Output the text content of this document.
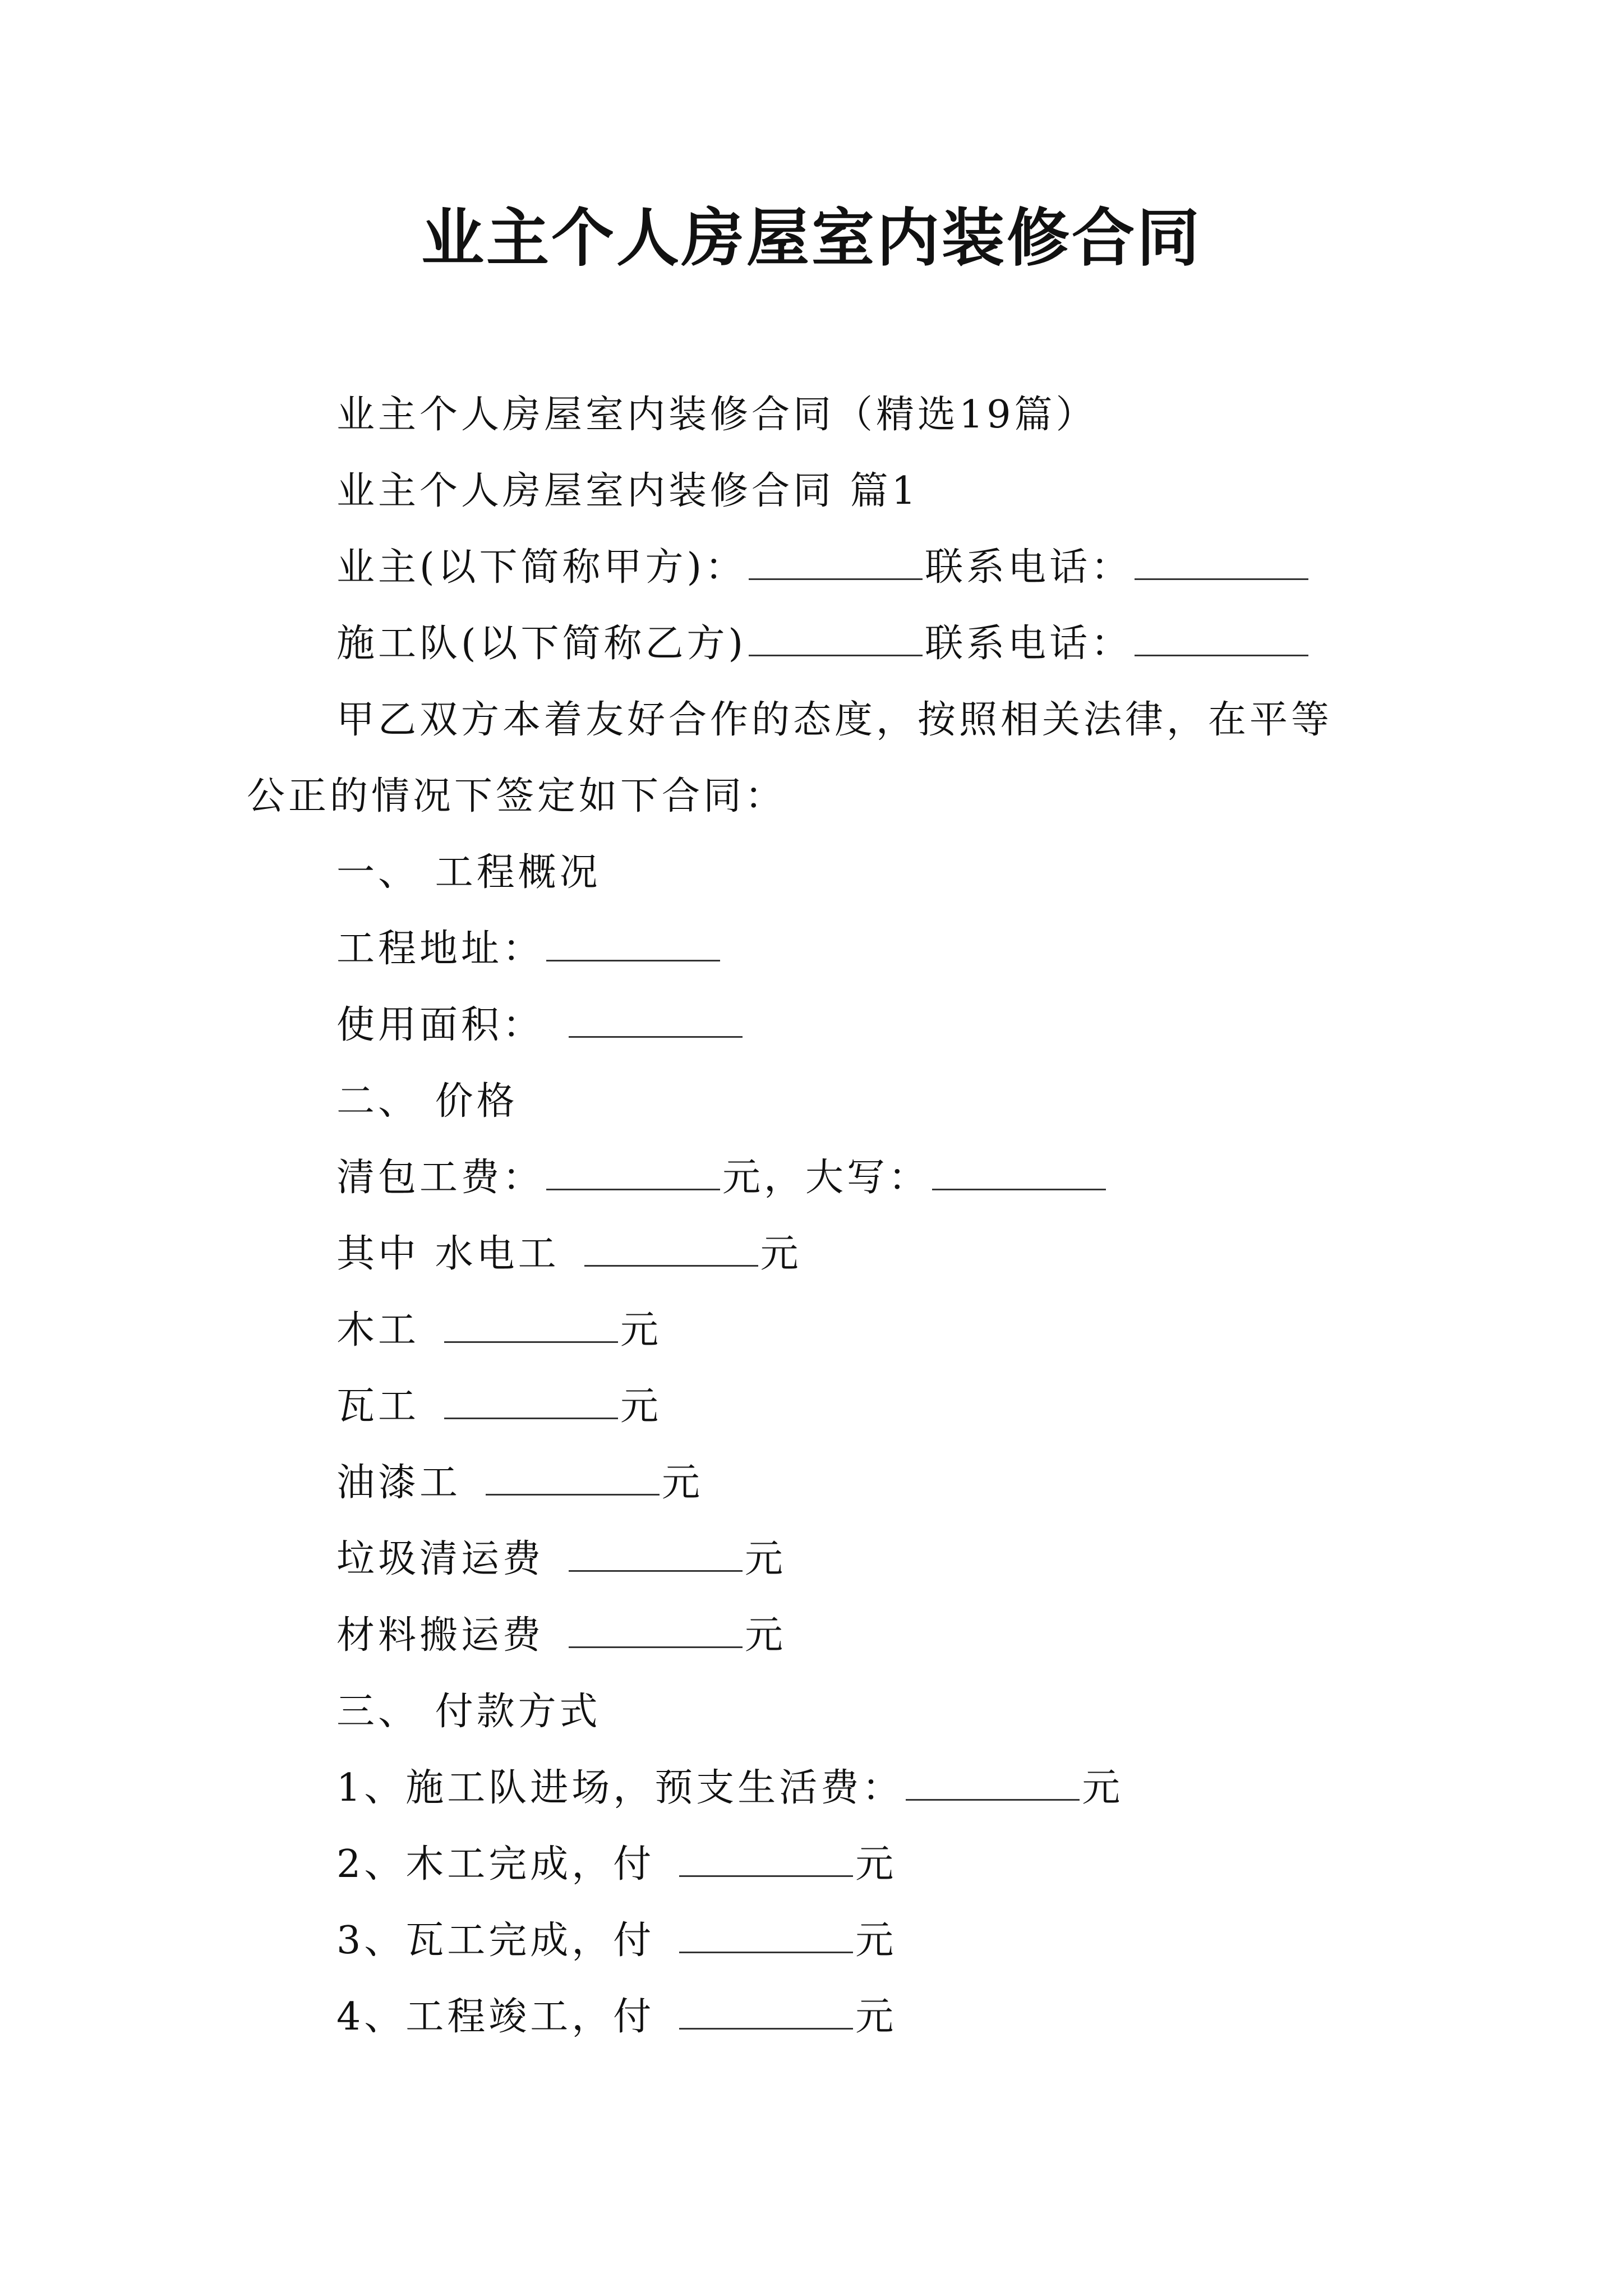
业主个人房屋室内装修合同
业主个人房屋室内装修合同（精选19篇）
业主个人房屋室内装修合同 篇1
业主(以下简称甲方)：	联系电话：
施工队(以下简称乙方)	联系电话：
甲乙双方本着友好合作的态度，按照相关法律，在平等
公正的情况下签定如下合同：
一、 工程概况
工程地址：
使用面积：
二、 价格
清包工费：	元，大写：
其中 水电工	元
木工	元
瓦工	元
油漆工	元
垃圾清运费	元
材料搬运费	元
三、 付款方式
1、施工队进场，预支生活费：	元
2、木工完成，付	元
3、瓦工完成，付	元
4、工程竣工，付	元
